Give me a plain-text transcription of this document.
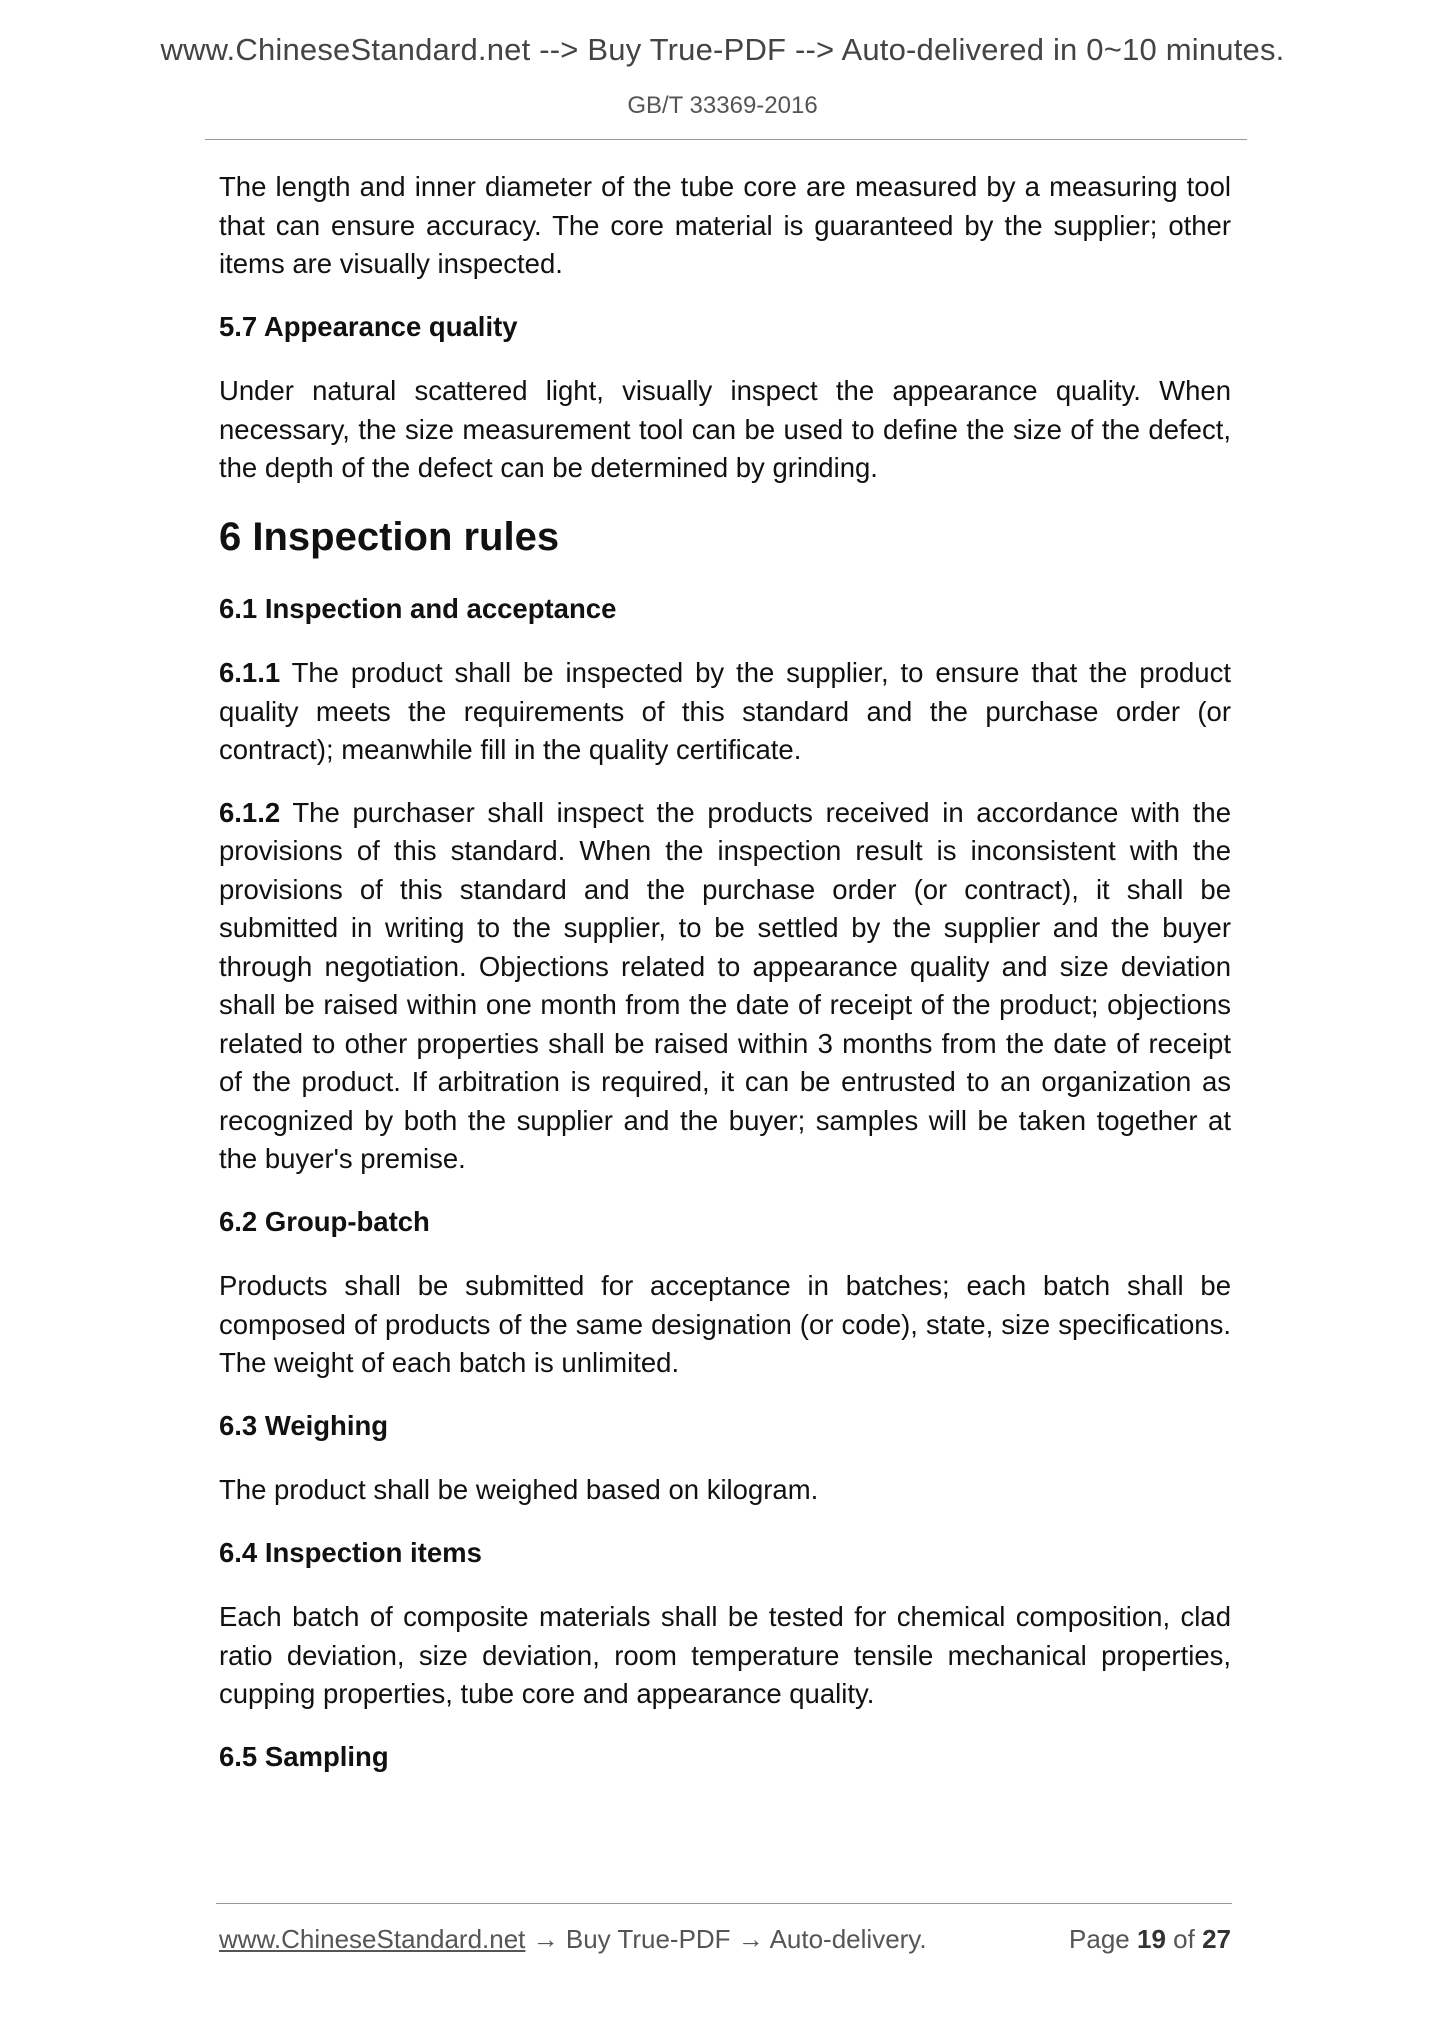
www.ChineseStandard.net --> Buy True-PDF --> Auto-delivered in 0~10 minutes.
GB/T 33369-2016

The length and inner diameter of the tube core are measured by a measuring tool that can ensure accuracy. The core material is guaranteed by the supplier; other items are visually inspected.

5.7 Appearance quality

Under natural scattered light, visually inspect the appearance quality. When necessary, the size measurement tool can be used to define the size of the defect, the depth of the defect can be determined by grinding.

6 Inspection rules
6.1 Inspection and acceptance

6.1.1 The product shall be inspected by the supplier, to ensure that the product quality meets the requirements of this standard and the purchase order (or contract); meanwhile fill in the quality certificate.

6.1.2 The purchaser shall inspect the products received in accordance with the provisions of this standard. When the inspection result is inconsistent with the provisions of this standard and the purchase order (or contract), it shall be submitted in writing to the supplier, to be settled by the supplier and the buyer through negotiation. Objections related to appearance quality and size deviation shall be raised within one month from the date of receipt of the product; objections related to other properties shall be raised within 3 months from the date of receipt of the product. If arbitration is required, it can be entrusted to an organization as recognized by both the supplier and the buyer; samples will be taken together at the buyer's premise.

6.2 Group-batch

Products shall be submitted for acceptance in batches; each batch shall be composed of products of the same designation (or code), state, size specifications. The weight of each batch is unlimited.

6.3 Weighing

The product shall be weighed based on kilogram.

6.4 Inspection items

Each batch of composite materials shall be tested for chemical composition, clad ratio deviation, size deviation, room temperature tensile mechanical properties, cupping properties, tube core and appearance quality.

6.5 Sampling
www.ChineseStandard.net → Buy True-PDF → Auto-delivery.	Page 19 of 27
